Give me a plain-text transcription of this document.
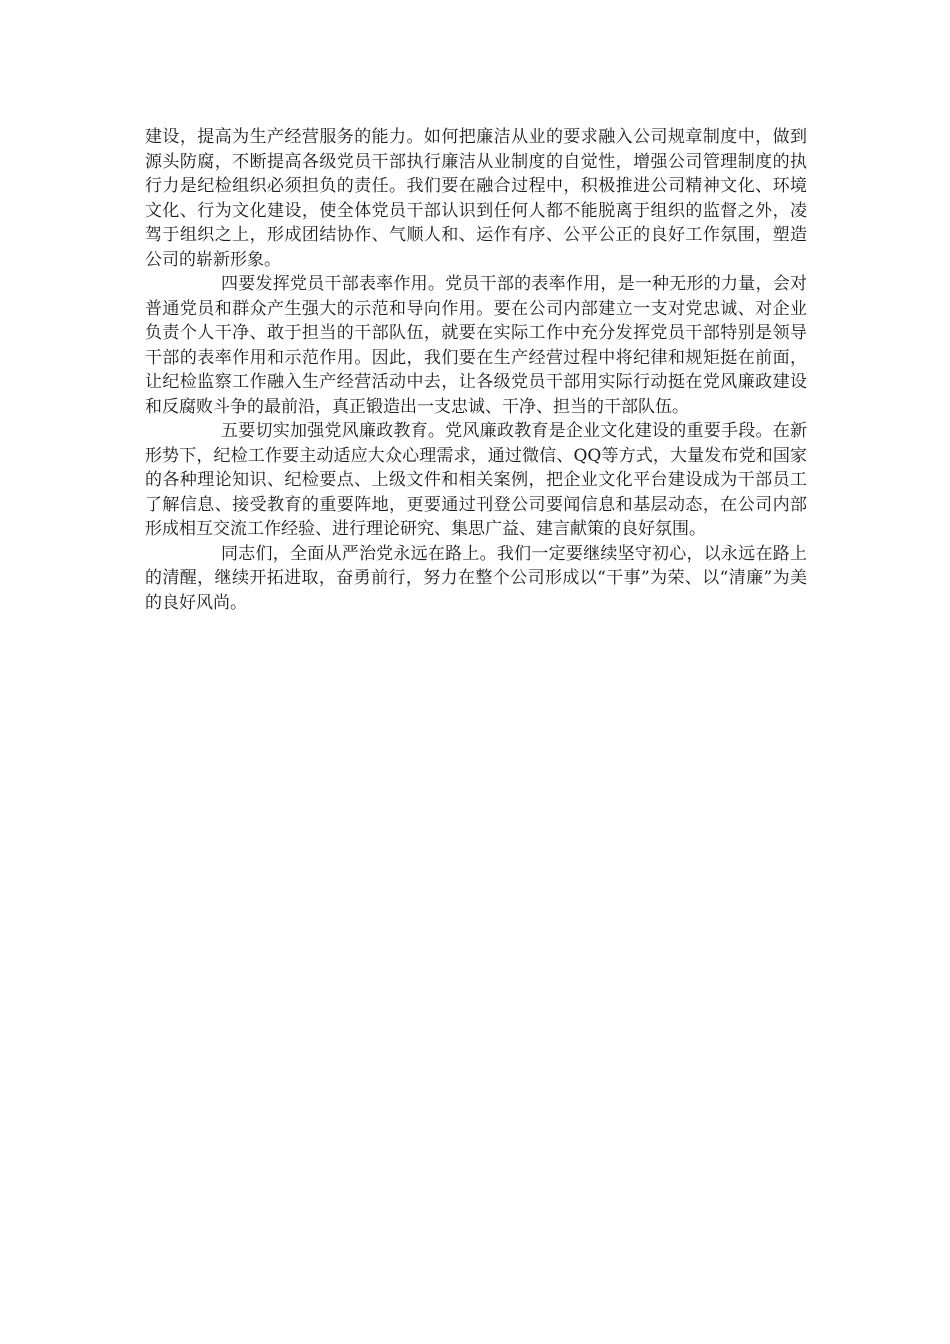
建设，提高为生产经营服务的能力。如何把廉洁从业的要求融入公司规章制度中，做到源头防腐，不断提高各级党员干部执行廉洁从业制度的自觉性，增强公司管理制度的执行力是纪检组织必须担负的责任。我们要在融合过程中，积极推进公司精神文化、环境文化、行为文化建设，使全体党员干部认识到任何人都不能脱离于组织的监督之外，凌驾于组织之上，形成团结协作、气顺人和、运作有序、公平公正的良好工作氛围，塑造公司的崭新形象。

四要发挥党员干部表率作用。党员干部的表率作用，是一种无形的力量，会对普通党员和群众产生强大的示范和导向作用。要在公司内部建立一支对党忠诚、对企业负责个人干净、敢于担当的干部队伍，就要在实际工作中充分发挥党员干部特别是领导干部的表率作用和示范作用。因此，我们要在生产经营过程中将纪律和规矩挺在前面，让纪检监察工作融入生产经营活动中去，让各级党员干部用实际行动挺在党风廉政建设和反腐败斗争的最前沿，真正锻造出一支忠诚、干净、担当的干部队伍。

五要切实加强党风廉政教育。党风廉政教育是企业文化建设的重要手段。在新形势下，纪检工作要主动适应大众心理需求，通过微信、QQ等方式，大量发布党和国家的各种理论知识、纪检要点、上级文件和相关案例，把企业文化平台建设成为干部员工了解信息、接受教育的重要阵地，更要通过刊登公司要闻信息和基层动态，在公司内部形成相互交流工作经验、进行理论研究、集思广益、建言献策的良好氛围。

同志们，全面从严治党永远在路上。我们一定要继续坚守初心，以永远在路上的清醒，继续开拓进取，奋勇前行，努力在整个公司形成以“干事”为荣、以“清廉”为美的良好风尚。
